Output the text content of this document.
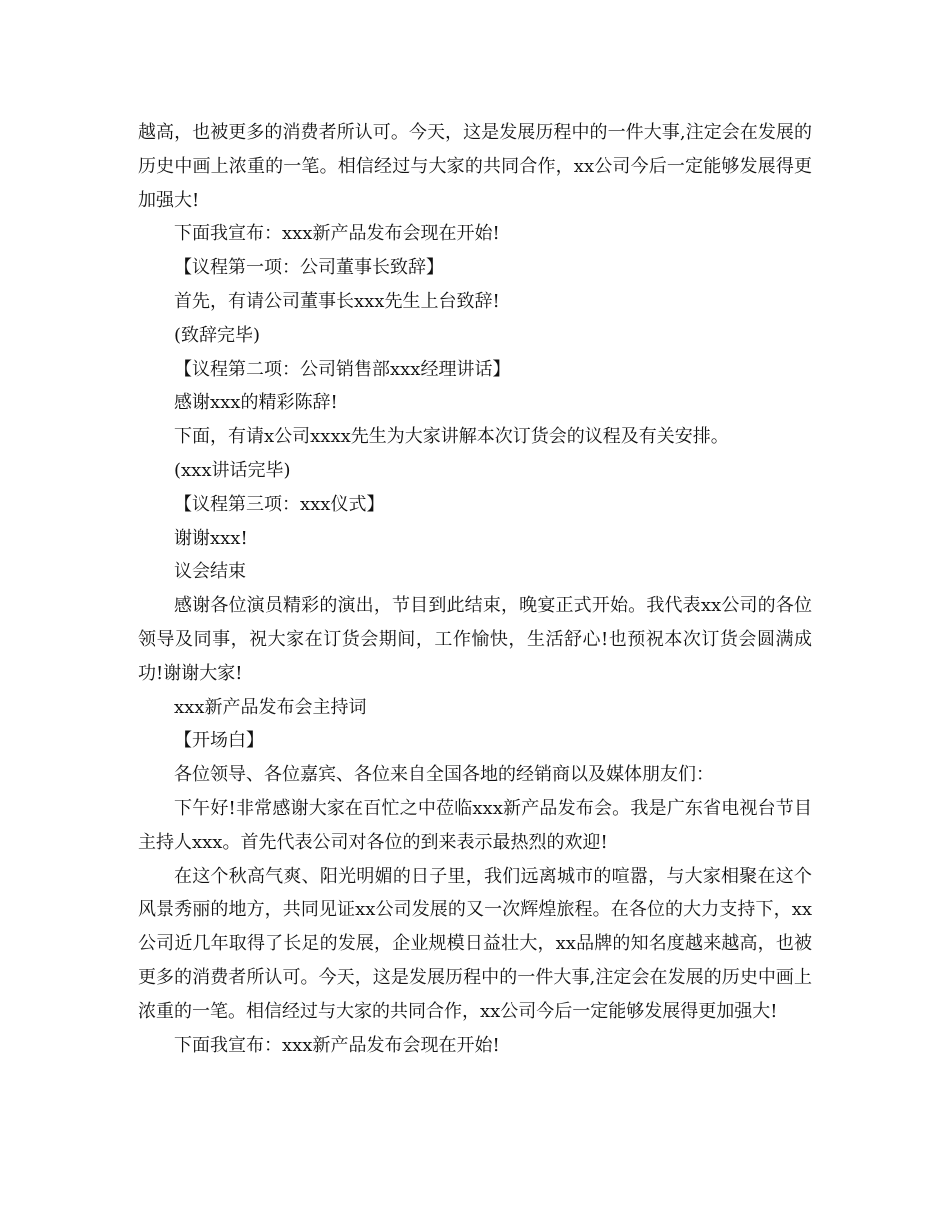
越高，也被更多的消费者所认可。今天，这是发展历程中的一件大事,注定会在发展的历史中画上浓重的一笔。相信经过与大家的共同合作，xx公司今后一定能够发展得更加强大!

下面我宣布：xxx新产品发布会现在开始!

【议程第一项：公司董事长致辞】

首先，有请公司董事长xxx先生上台致辞!

(致辞完毕)

【议程第二项：公司销售部xxx经理讲话】

感谢xxx的精彩陈辞!

下面，有请x公司xxxx先生为大家讲解本次订货会的议程及有关安排。

(xxx讲话完毕)

【议程第三项：xxx仪式】

谢谢xxx!

议会结束

感谢各位演员精彩的演出，节目到此结束，晚宴正式开始。我代表xx公司的各位领导及同事，祝大家在订货会期间，工作愉快，生活舒心!也预祝本次订货会圆满成功!谢谢大家!

xxx新产品发布会主持词

【开场白】

各位领导、各位嘉宾、各位来自全国各地的经销商以及媒体朋友们：

下午好!非常感谢大家在百忙之中莅临xxx新产品发布会。我是广东省电视台节目主持人xxx。首先代表公司对各位的到来表示最热烈的欢迎!

在这个秋高气爽、阳光明媚的日子里，我们远离城市的喧嚣，与大家相聚在这个风景秀丽的地方，共同见证xx公司发展的又一次辉煌旅程。在各位的大力支持下，xx公司近几年取得了长足的发展，企业规模日益壮大，xx品牌的知名度越来越高，也被更多的消费者所认可。今天，这是发展历程中的一件大事,注定会在发展的历史中画上浓重的一笔。相信经过与大家的共同合作，xx公司今后一定能够发展得更加强大!

下面我宣布：xxx新产品发布会现在开始!
